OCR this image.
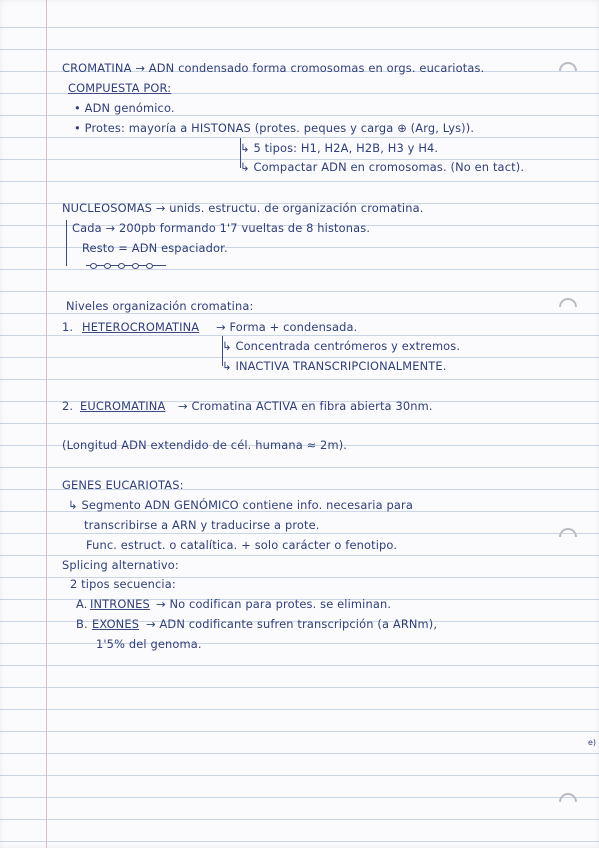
CROMATINA → ADN condensado forma cromosomas en orgs. eucariotas.
COMPUESTA POR:
• ADN genómico.
• Protes: mayoría a HISTONAS (protes. peques y carga ⊕ (Arg, Lys)).
↳ 5 tipos: H1, H2A, H2B, H3 y H4.
↳ Compactar ADN en cromosomas. (No en tact).
NUCLEOSOMAS → unids. estructu. de organización cromatina.
Cada → 200pb formando 1'7 vueltas de 8 histonas.
Resto = ADN espaciador.
Niveles organización cromatina:
1. HETEROCROMATINA → Forma + condensada.
↳ Concentrada centrómeros y extremos.
↳ INACTIVA TRANSCRIPCIONALMENTE.
2. EUCROMATINA → Cromatina ACTIVA en fibra abierta 30nm.
(Longitud ADN extendido de cél. humana ≈ 2m).
GENES EUCARIOTAS:
↳ Segmento ADN GENÓMICO contiene info. necesaria para
transcribirse a ARN y traducirse a prote.
Func. estruct. o catalítica. + solo carácter o fenotipo.
Splicing alternativo:
2 tipos secuencia:
A. INTRONES → No codifican para protes. se eliminan.
B. EXONES → ADN codificante sufren transcripción (a ARNm),
1'5% del genoma.
e)
